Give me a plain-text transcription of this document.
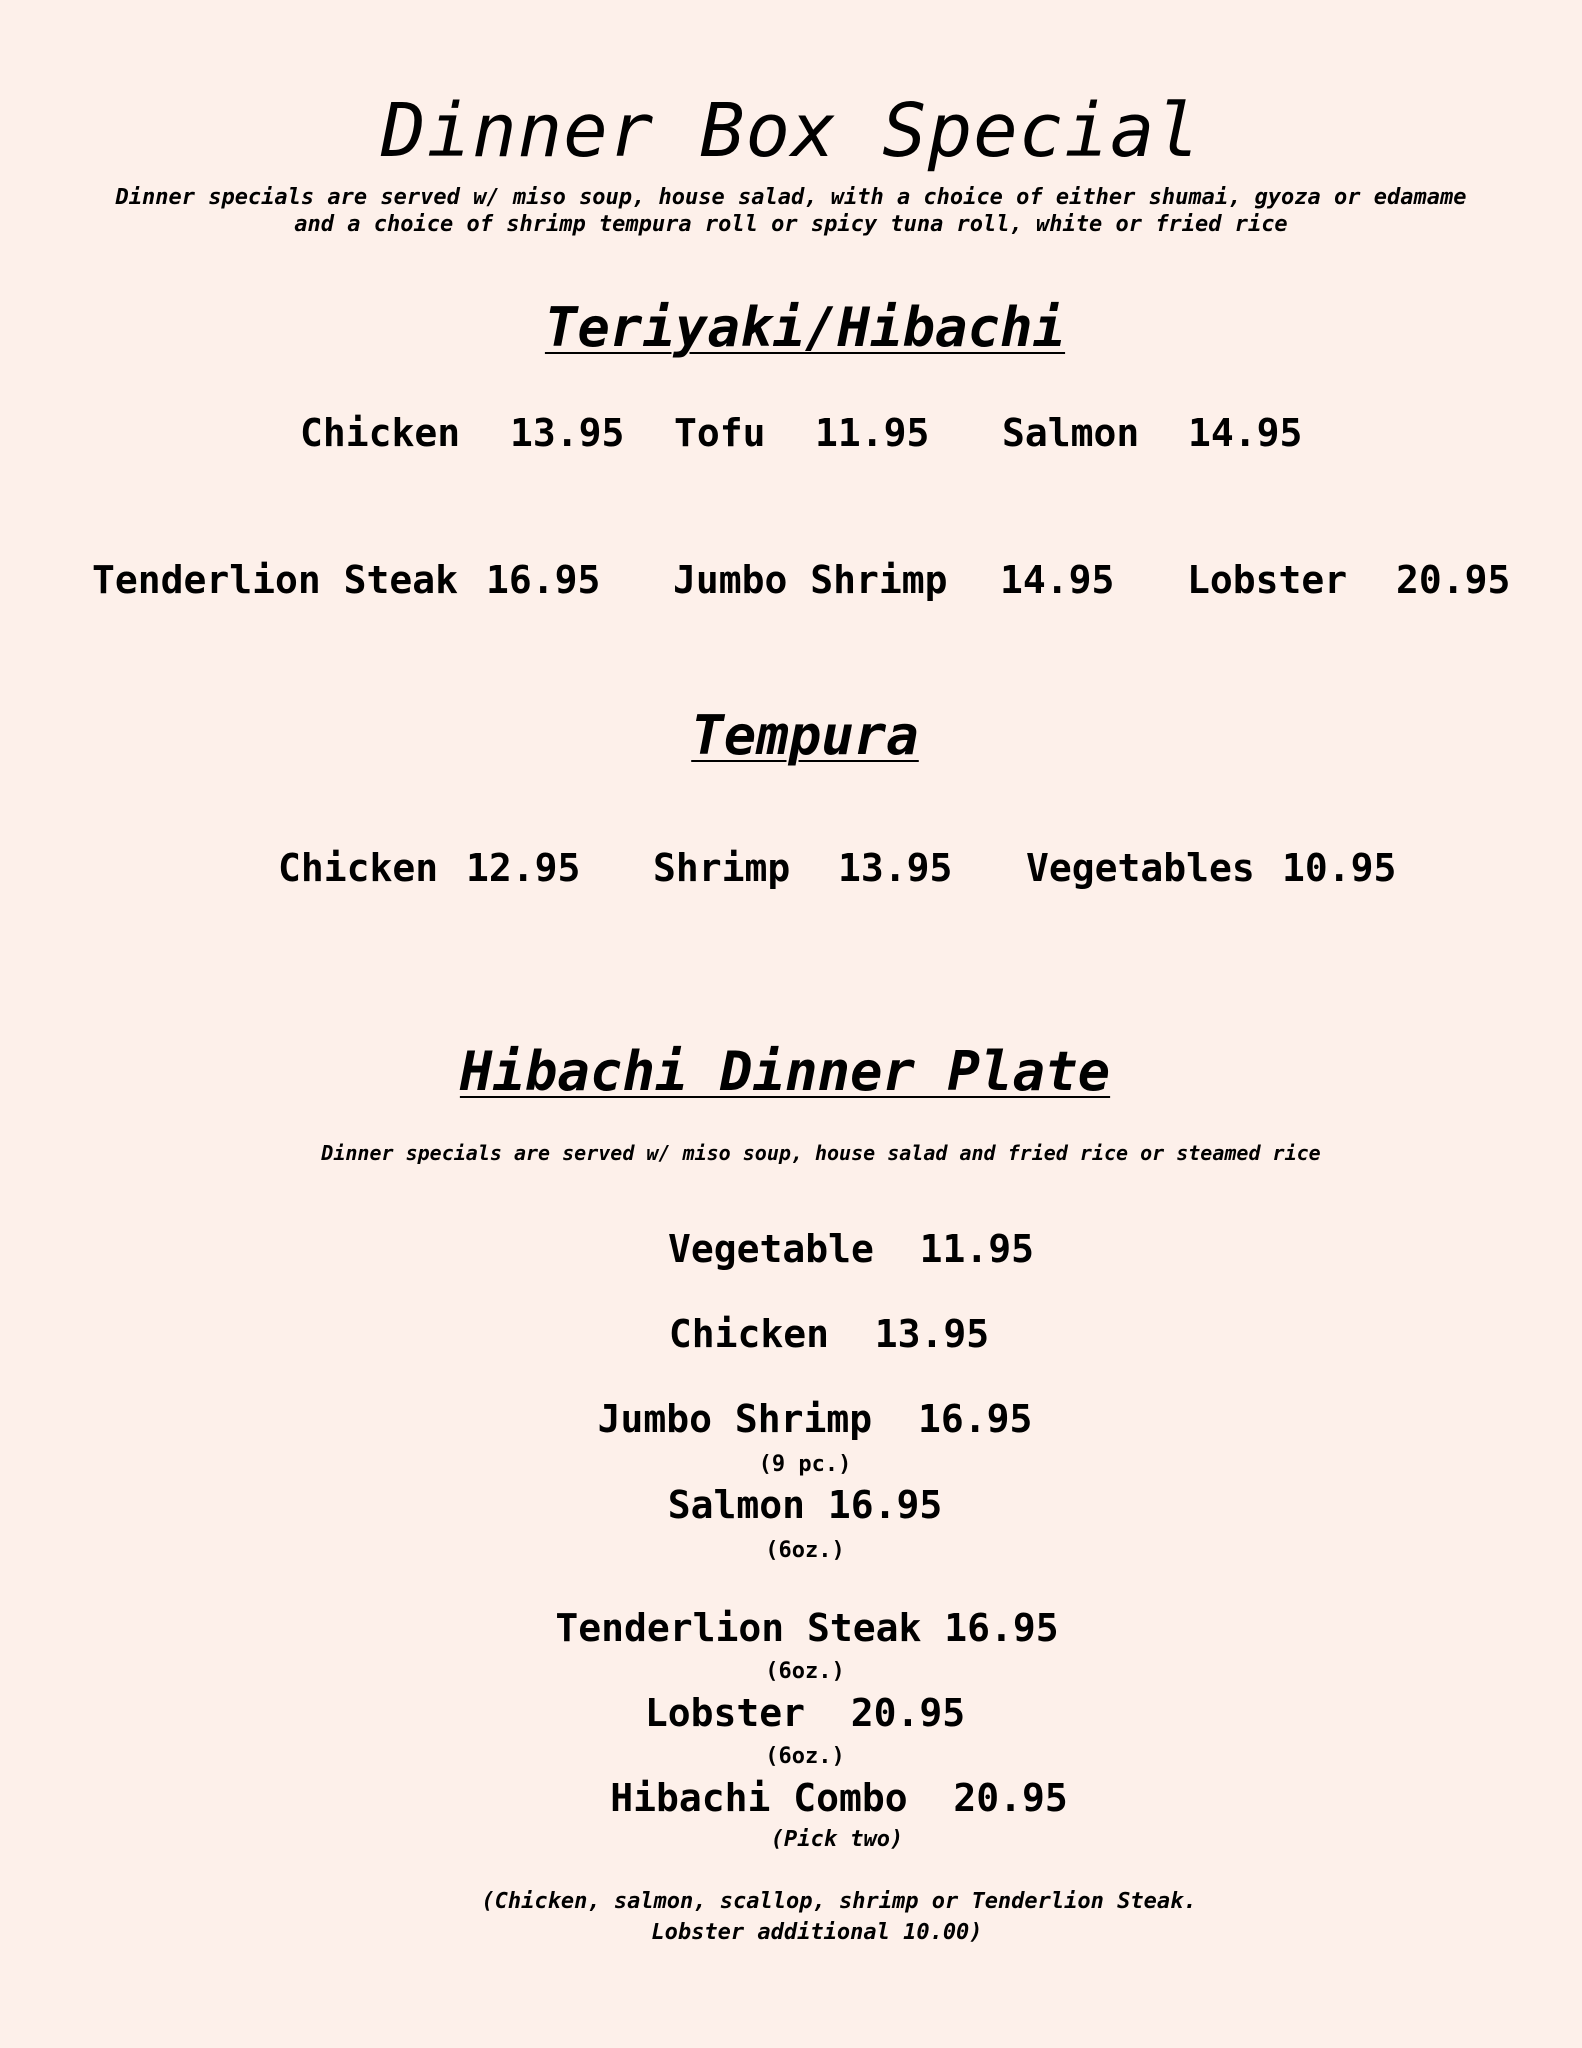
Dinner Box Special
Dinner specials are served w/ miso soup, house salad, with a choice of either shumai, gyoza or edamame
and a choice of shrimp tempura roll or spicy tuna roll, white or fried rice
Teriyaki/Hibachi
Chicken 13.95 Tofu 11.95 Salmon 14.95
Tenderlion Steak 16.95 Jumbo Shrimp 14.95 Lobster 20.95
Tempura
Chicken 12.95 Shrimp 13.95 Vegetables 10.95
Hibachi Dinner Plate
Dinner specials are served w/ miso soup, house salad and fried rice or steamed rice
Vegetable 11.95
Chicken 13.95
Jumbo Shrimp 16.95
(9 pc.)
Salmon 16.95
(6oz.)
Tenderlion Steak 16.95
(6oz.)
Lobster 20.95
(6oz.)
Hibachi Combo 20.95
(Pick two)
(Chicken, salmon, scallop, shrimp or Tenderlion Steak.
Lobster additional 10.00)
